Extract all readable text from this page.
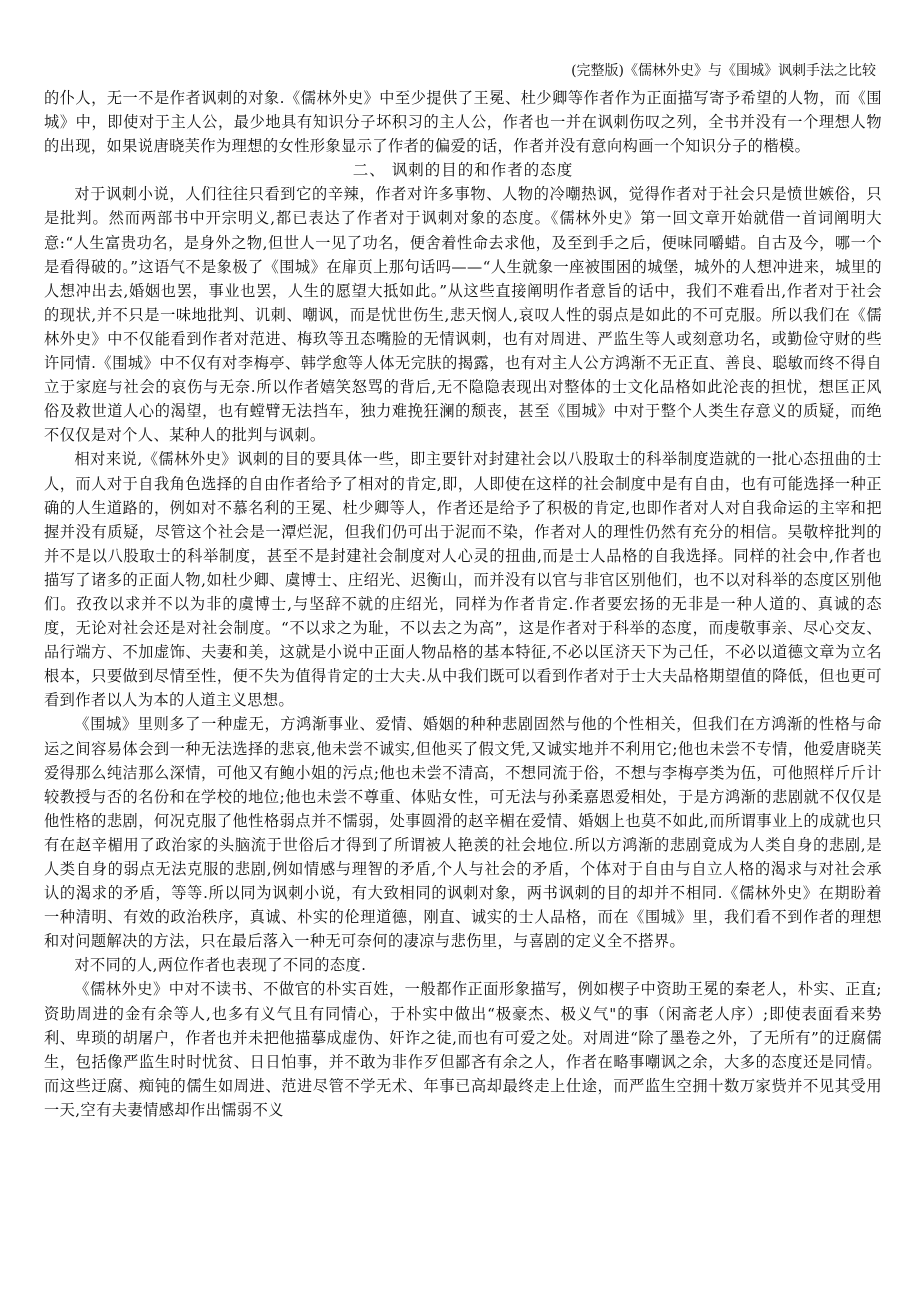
(完整版)《儒林外史》与《围城》讽刺手法之比较

的仆人，无一不是作者讽刺的对象.《儒林外史》中至少提供了王冕、杜少卿等作者作为正面描写寄予希望的人物，而《围城》中，即使对于主人公，最少地具有知识分子坏积习的主人公，作者也一并在讽刺伤叹之列，全书并没有一个理想人物的出现，如果说唐晓芙作为理想的女性形象显示了作者的偏爱的话，作者并没有意向构画一个知识分子的楷模。

二、 讽刺的目的和作者的态度

对于讽刺小说，人们往往只看到它的辛辣，作者对许多事物、人物的冷嘲热讽，觉得作者对于社会只是愤世嫉俗，只是批判。然而两部书中开宗明义,都已表达了作者对于讽刺对象的态度。《儒林外史》第一回文章开始就借一首词阐明大意:“人生富贵功名，是身外之物,但世人一见了功名，便舍着性命去求他，及至到手之后，便味同嚼蜡。自古及今，哪一个是看得破的。”这语气不是象极了《围城》在扉页上那句话吗——“人生就象一座被围困的城堡，城外的人想冲进来，城里的人想冲出去,婚姻也罢，事业也罢，人生的愿望大抵如此。”从这些直接阐明作者意旨的话中，我们不难看出,作者对于社会的现状,并不只是一味地批判、讥刺、嘲讽，而是忧世伤生,悲天悯人,哀叹人性的弱点是如此的不可克服。所以我们在《儒林外史》中不仅能看到作者对范进、梅玖等丑态嘴脸的无情讽刺，也有对周进、严监生等人或刻意功名，或勤俭守财的些许同情.《围城》中不仅有对李梅亭、韩学愈等人体无完肤的揭露，也有对主人公方鸿渐不无正直、善良、聪敏而终不得自立于家庭与社会的哀伤与无奈.所以作者嬉笑怒骂的背后,无不隐隐表现出对整体的士文化品格如此沦丧的担忧，想匡正风俗及救世道人心的渴望，也有螳臂无法挡车，独力难挽狂澜的颓丧，甚至《围城》中对于整个人类生存意义的质疑，而绝不仅仅是对个人、某种人的批判与讽刺。

相对来说,《儒林外史》讽刺的目的要具体一些，即主要针对封建社会以八股取士的科举制度造就的一批心态扭曲的士人，而人对于自我角色选择的自由作者给予了相对的肯定,即，人即使在这样的社会制度中是有自由，也有可能选择一种正确的人生道路的，例如对不慕名利的王冕、杜少卿等人，作者还是给予了积极的肯定,也即作者对人对自我命运的主宰和把握并没有质疑，尽管这个社会是一潭烂泥，但我们仍可出于泥而不染，作者对人的理性仍然有充分的相信。吴敬梓批判的并不是以八股取士的科举制度，甚至不是封建社会制度对人心灵的扭曲,而是士人品格的自我选择。同样的社会中,作者也描写了诸多的正面人物,如杜少卿、虞博士、庄绍光、迟衡山，而并没有以官与非官区别他们，也不以对科举的态度区别他们。孜孜以求并不以为非的虞博士,与坚辞不就的庄绍光，同样为作者肯定.作者要宏扬的无非是一种人道的、真诚的态度，无论对社会还是对社会制度。“不以求之为耻，不以去之为高”，这是作者对于科举的态度，而虔敬事亲、尽心交友、品行端方、不加虚饰、夫妻和美，这就是小说中正面人物品格的基本特征,不必以匡济天下为己任，不必以道德文章为立名根本，只要做到尽情至性，便不失为值得肯定的士大夫.从中我们既可以看到作者对于士大夫品格期望值的降低，但也更可看到作者以人为本的人道主义思想。

《围城》里则多了一种虚无，方鸿渐事业、爱情、婚姻的种种悲剧固然与他的个性相关，但我们在方鸿渐的性格与命运之间容易体会到一种无法选择的悲哀,他未尝不诚实,但他买了假文凭,又诚实地并不利用它;他也未尝不专情，他爱唐晓芙爱得那么纯洁那么深情，可他又有鲍小姐的污点;他也未尝不清高，不想同流于俗，不想与李梅亭类为伍，可他照样斤斤计较教授与否的名份和在学校的地位;他也未尝不尊重、体贴女性，可无法与孙柔嘉恩爱相处，于是方鸿渐的悲剧就不仅仅是他性格的悲剧，何况克服了他性格弱点并不懦弱，处事圆滑的赵辛楣在爱情、婚姻上也莫不如此,而所谓事业上的成就也只有在赵辛楣用了政治家的头脑流于世俗后才得到了所谓被人艳羡的社会地位.所以方鸿渐的悲剧竟成为人类自身的悲剧,是人类自身的弱点无法克服的悲剧,例如情感与理智的矛盾,个人与社会的矛盾，个体对于自由与自立人格的渴求与对社会承认的渴求的矛盾，等等.所以同为讽刺小说，有大致相同的讽刺对象，两书讽刺的目的却并不相同.《儒林外史》在期盼着一种清明、有效的政治秩序，真诚、朴实的伦理道德，刚直、诚实的士人品格，而在《围城》里，我们看不到作者的理想和对问题解决的方法，只在最后落入一种无可奈何的凄凉与悲伤里，与喜剧的定义全不搭界。

对不同的人,两位作者也表现了不同的态度.

《儒林外史》中对不读书、不做官的朴实百姓，一般都作正面形象描写，例如楔子中资助王冕的秦老人，朴实、正直;资助周进的金有余等人,也多有义气且有同情心，于朴实中做出“极豪杰、极义气"的事（闲斋老人序）;即使表面看来势利、卑琐的胡屠户，作者也并未把他描摹成虚伪、奸诈之徒,而也有可爱之处。对周进“除了墨卷之外，了无所有”的迂腐儒生，包括像严监生时时忧贫、日日怕事，并不敢为非作歹但鄙吝有余之人，作者在略事嘲讽之余，大多的态度还是同情。而这些迂腐、痴钝的儒生如周进、范进尽管不学无术、年事已高却最终走上仕途，而严监生空拥十数万家赀并不见其受用一天,空有夫妻情感却作出懦弱不义
